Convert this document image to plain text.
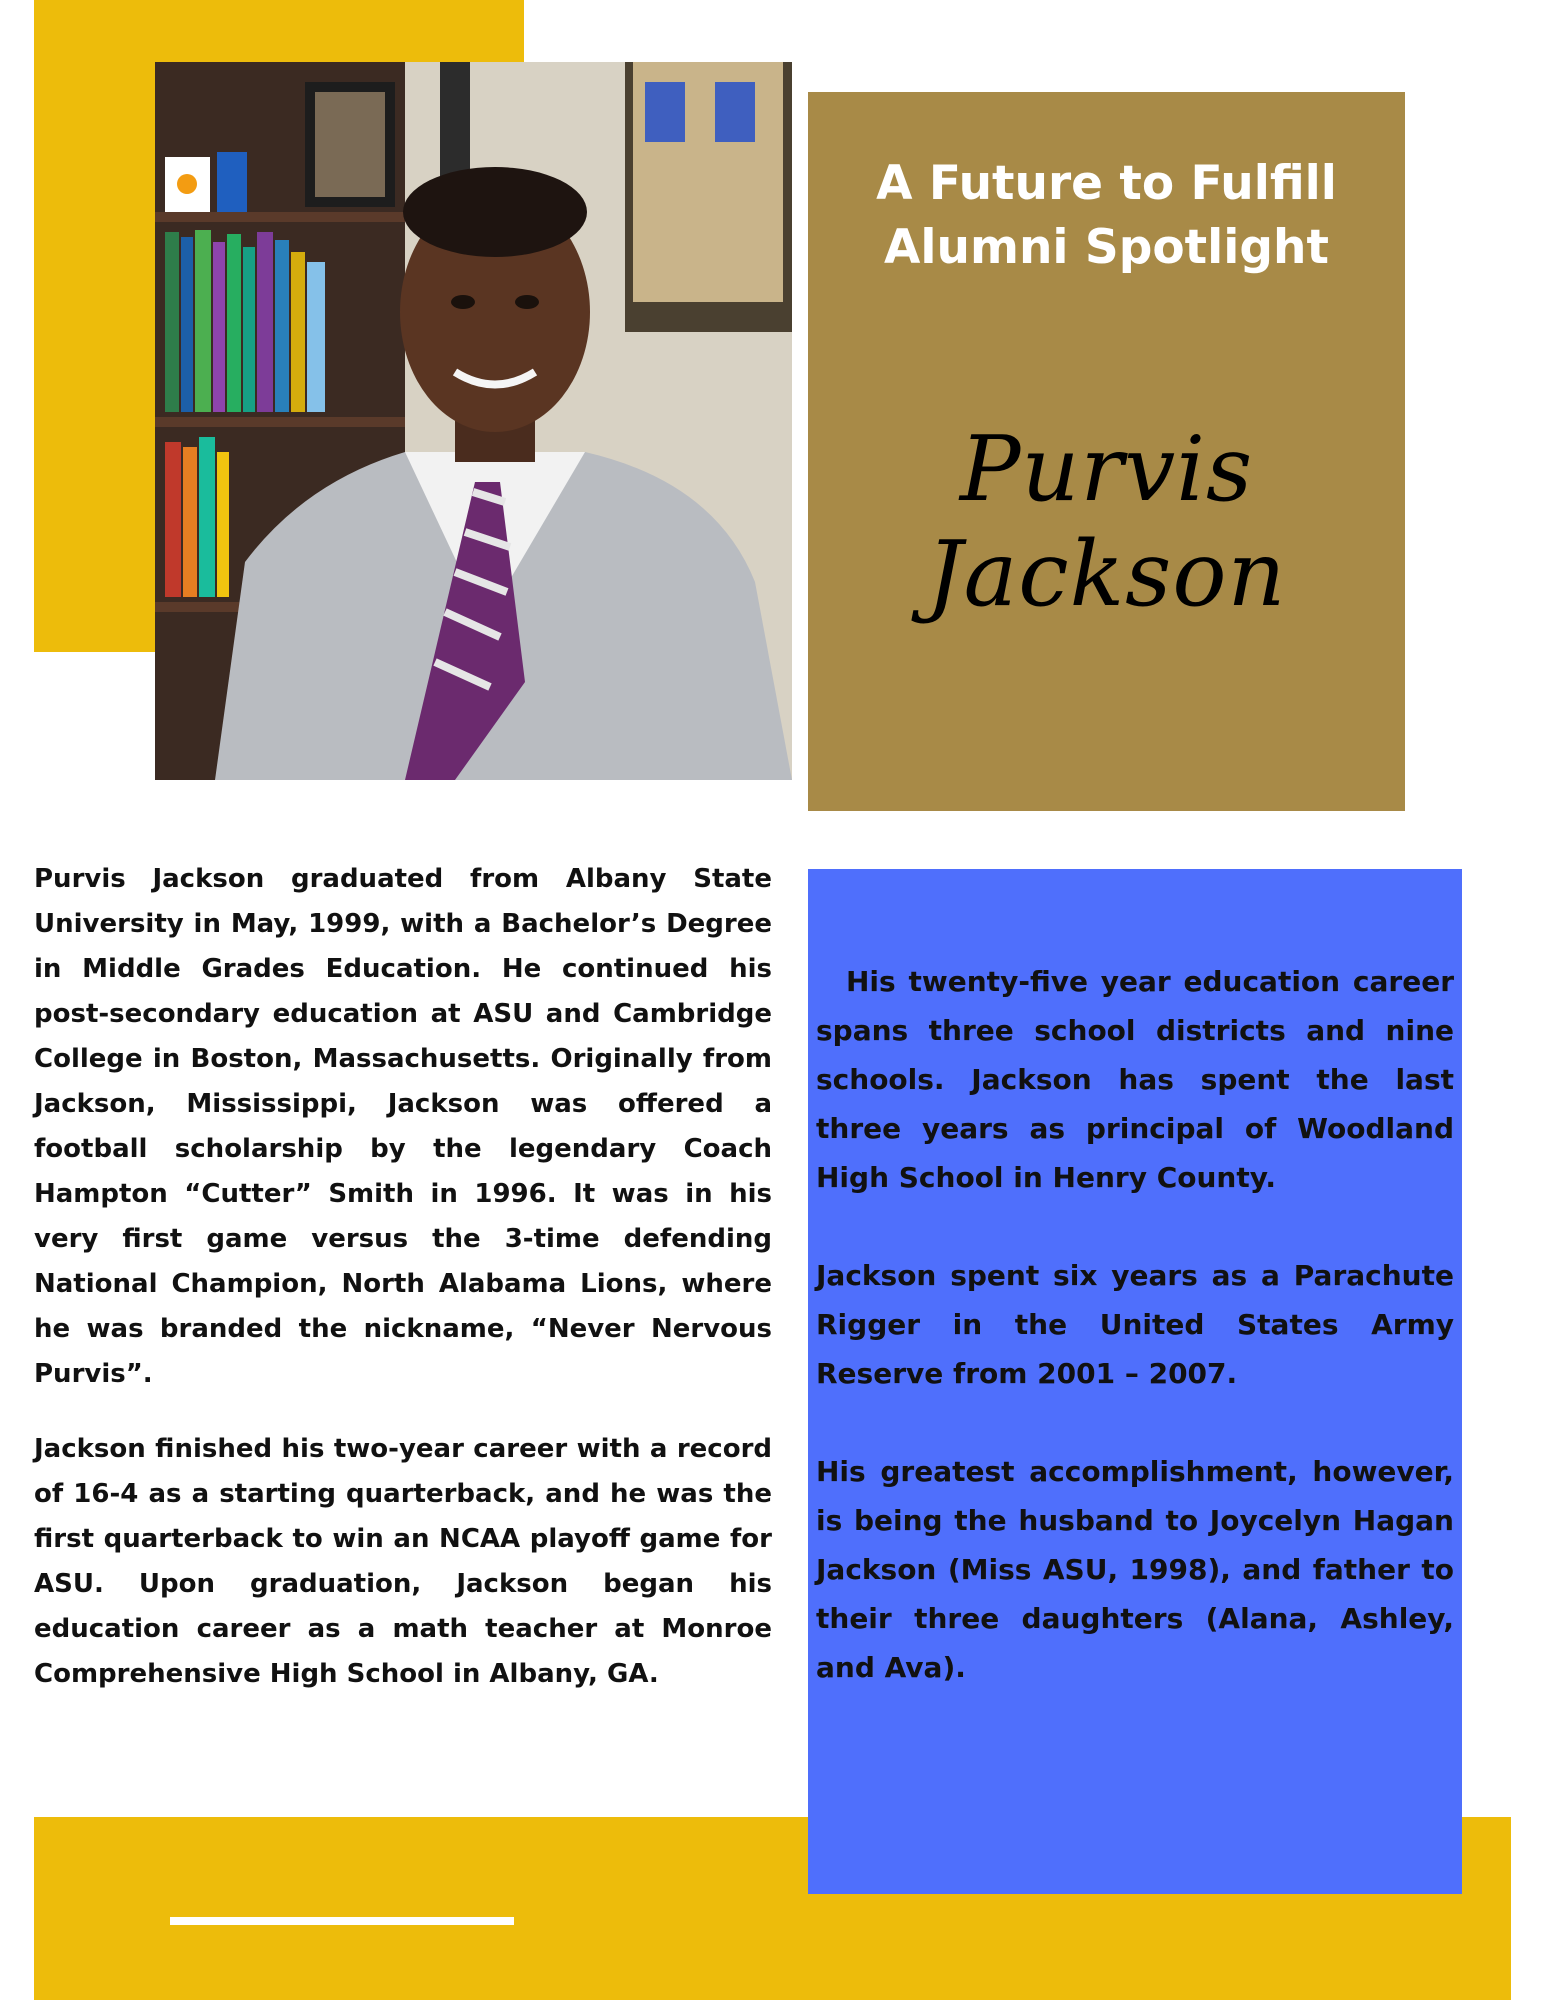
A Future to Fulfill
Alumni Spotlight
Purvis Jackson

Purvis Jackson graduated from Albany State University in May, 1999, with a Bachelor’s Degree in Middle Grades Education. He continued his post-secondary education at ASU and Cambridge College in Boston, Massachusetts. Originally from Jackson, Mississippi, Jackson was offered a football scholarship by the legendary Coach Hampton “Cutter” Smith in 1996. It was in his very first game versus the 3-time defending National Champion, North Alabama Lions, where he was branded the nickname, “Never Nervous Purvis”.

Jackson finished his two-year career with a record of 16-4 as a starting quarterback, and he was the first quarterback to win an NCAA playoff game for ASU. Upon graduation, Jackson began his education career as a math teacher at Monroe Comprehensive High School in Albany, GA.

His twenty-five year education career spans three school districts and nine schools. Jackson has spent the last three years as principal of Woodland High School in Henry County.

Jackson spent six years as a Parachute Rigger in the United States Army Reserve from 2001 – 2007.

His greatest accomplishment, however, is being the husband to Joycelyn Hagan Jackson (Miss ASU, 1998), and father to their three daughters (Alana, Ashley, and Ava).
